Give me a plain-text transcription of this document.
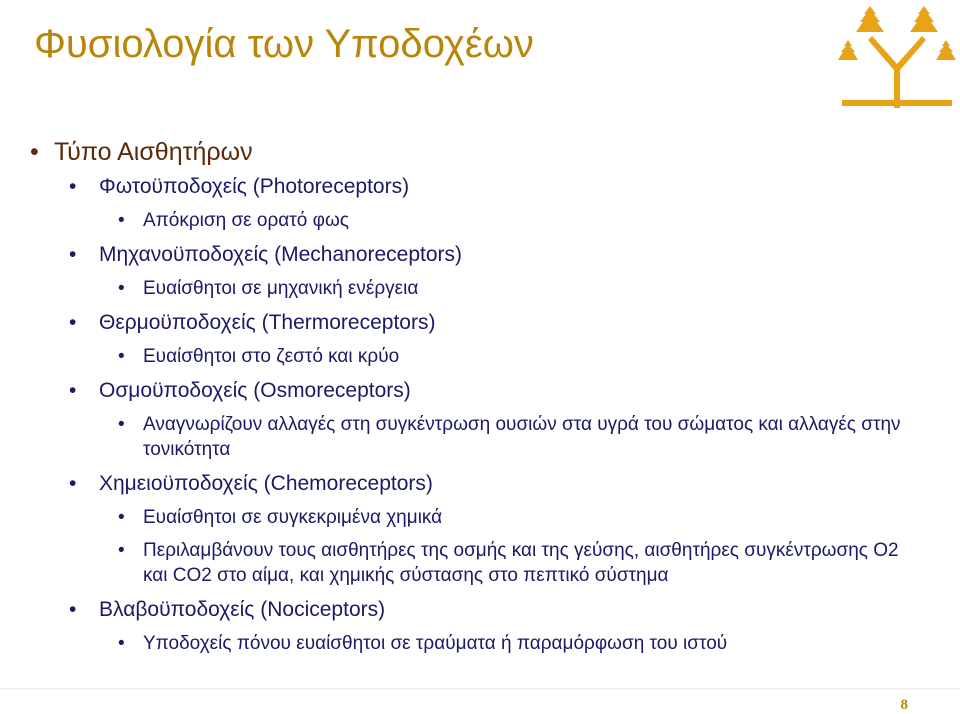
Φυσιολογία των Υποδοχέων
• Τύπο Αισθητήρων
• Φωτοϋποδοχείς (Photoreceptors)
• Απόκριση σε ορατό φως
• Μηχανοϋποδοχείς (Mechanoreceptors)
• Ευαίσθητοι σε μηχανική ενέργεια
• Θερμοϋποδοχείς (Thermoreceptors)
• Ευαίσθητοι στο ζεστό και κρύο
• Οσμοϋποδοχείς (Osmoreceptors)
• Αναγνωρίζουν αλλαγές στη συγκέντρωση ουσιών στα υγρά του σώματος και αλλαγές στην τονικότητα
• Χημειοϋποδοχείς (Chemoreceptors)
• Ευαίσθητοι σε συγκεκριμένα χημικά
• Περιλαμβάνουν τους αισθητήρες της οσμής και της γεύσης, αισθητήρες συγκέντρωσης O2 και CO2 στο αίμα, και χημικής σύστασης στο πεπτικό σύστημα
• Βλαβοϋποδοχείς (Nociceptors)
• Υποδοχείς πόνου ευαίσθητοι σε τραύματα ή παραμόρφωση του ιστού
8
